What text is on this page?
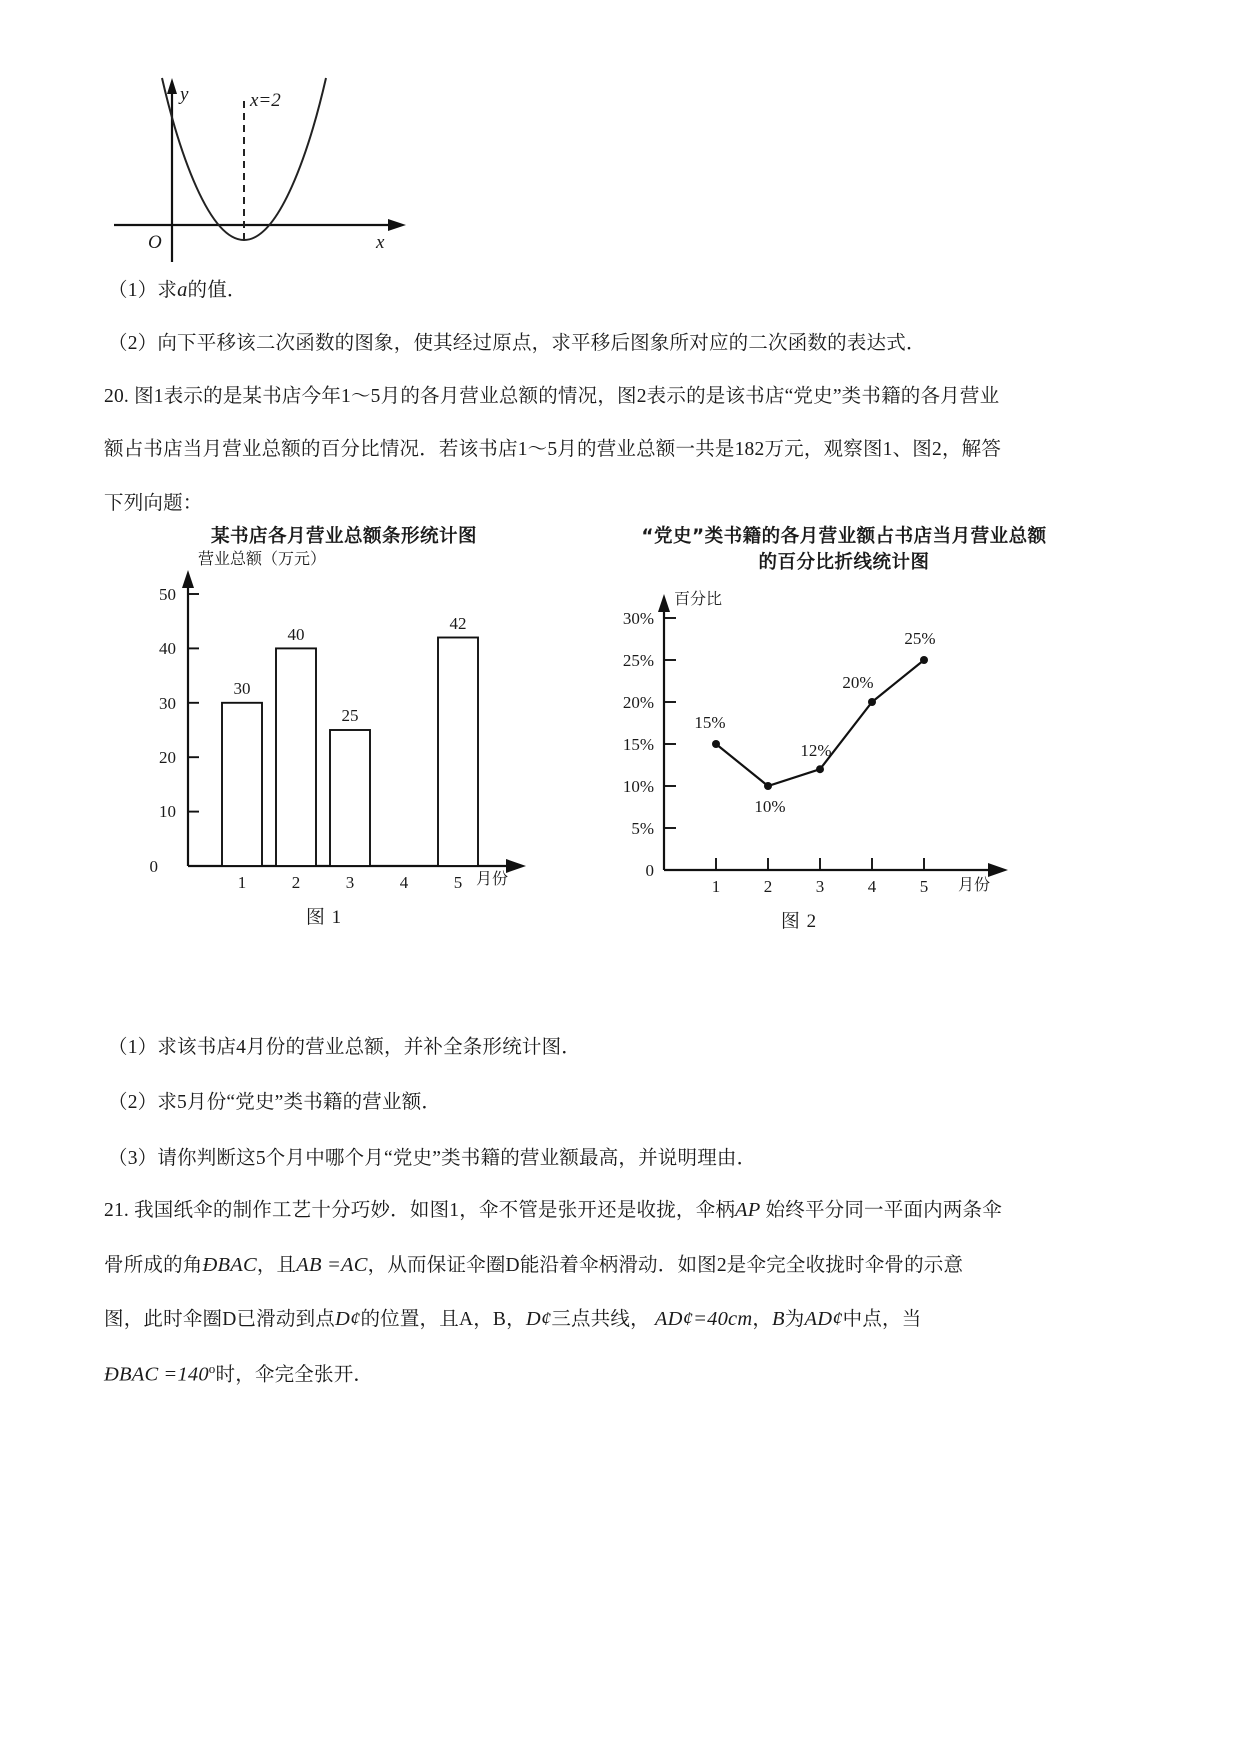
y
x
O
x=2
（1）求a的值．
（2）向下平移该二次函数的图象，使其经过原点，求平移后图象所对应的二次函数的表达式．
20. 图1表示的是某书店今年1～5月的各月营业总额的情况，图2表示的是该书店“党史”类书籍的各月营业
额占书店当月营业总额的百分比情况．若该书店1～5月的营业总额一共是182万元，观察图1、图2，解答
下列向题：
某书店各月营业总额条形统计图
0
10
20
30
40
50
营业总额（万元）
月份
30
40
25
42
1	2	3	4	5
图 1
“党史”类书籍的各月营业额占书店当月营业总额
的百分比折线统计图
0
5%
10%
15%
20%
25%
30%
百分比
月份
1	2	3	4	5
15%
10%
12%
20%
25%
图 2
（1）求该书店4月份的营业总额，并补全条形统计图．
（2）求5月份“党史”类书籍的营业额．
（3）请你判断这5个月中哪个月“党史”类书籍的营业额最高，并说明理由．
21. 我国纸伞的制作工艺十分巧妙．如图1，伞不管是张开还是收拢，伞柄AP 始终平分同一平面内两条伞
骨所成的角ÐBAC，且AB =AC，从而保证伞圈D能沿着伞柄滑动．如图2是伞完全收拢时伞骨的示意
图，此时伞圈D已滑动到点D¢的位置，且A，B，D¢三点共线， AD¢=40cm，B为AD¢中点，当
ÐBAC $=140^o$时，伞完全张开．
